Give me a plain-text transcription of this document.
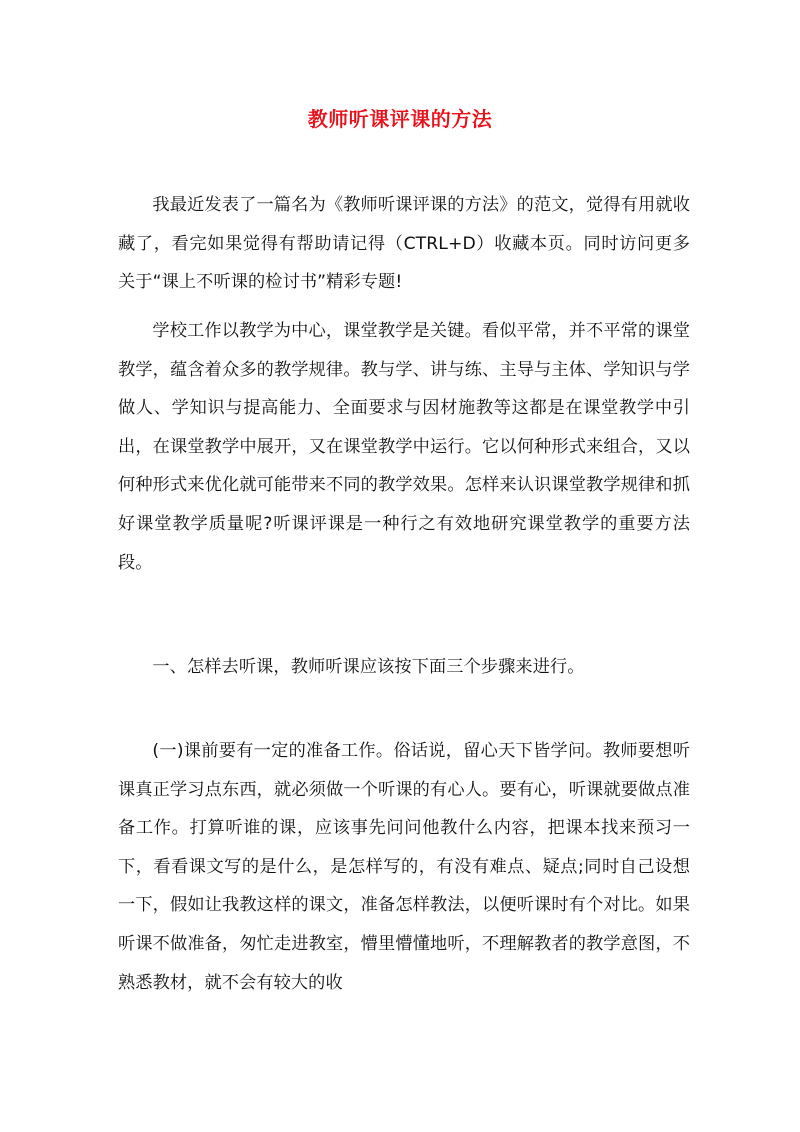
教师听课评课的方法

我最近发表了一篇名为《教师听课评课的方法》的范文，觉得有用就收藏了，看完如果觉得有帮助请记得（CTRL+D）收藏本页。同时访问更多关于“课上不听课的检讨书”精彩专题!

学校工作以教学为中心，课堂教学是关键。看似平常，并不平常的课堂教学，蕴含着众多的教学规律。教与学、讲与练、主导与主体、学知识与学做人、学知识与提高能力、全面要求与因材施教等这都是在课堂教学中引出，在课堂教学中展开，又在课堂教学中运行。它以何种形式来组合，又以何种形式来优化就可能带来不同的教学效果。怎样来认识课堂教学规律和抓好课堂教学质量呢?听课评课是一种行之有效地研究课堂教学的重要方法段。

一、怎样去听课，教师听课应该按下面三个步骤来进行。

(一)课前要有一定的准备工作。俗话说，留心天下皆学问。教师要想听课真正学习点东西，就必须做一个听课的有心人。要有心，听课就要做点准备工作。打算听谁的课，应该事先问问他教什么内容，把课本找来预习一下，看看课文写的是什么，是怎样写的，有没有难点、疑点;同时自己设想一下，假如让我教这样的课文，准备怎样教法，以便听课时有个对比。如果听课不做准备，匆忙走进教室，懵里懵懂地听，不理解教者的教学意图，不熟悉教材，就不会有较大的收
